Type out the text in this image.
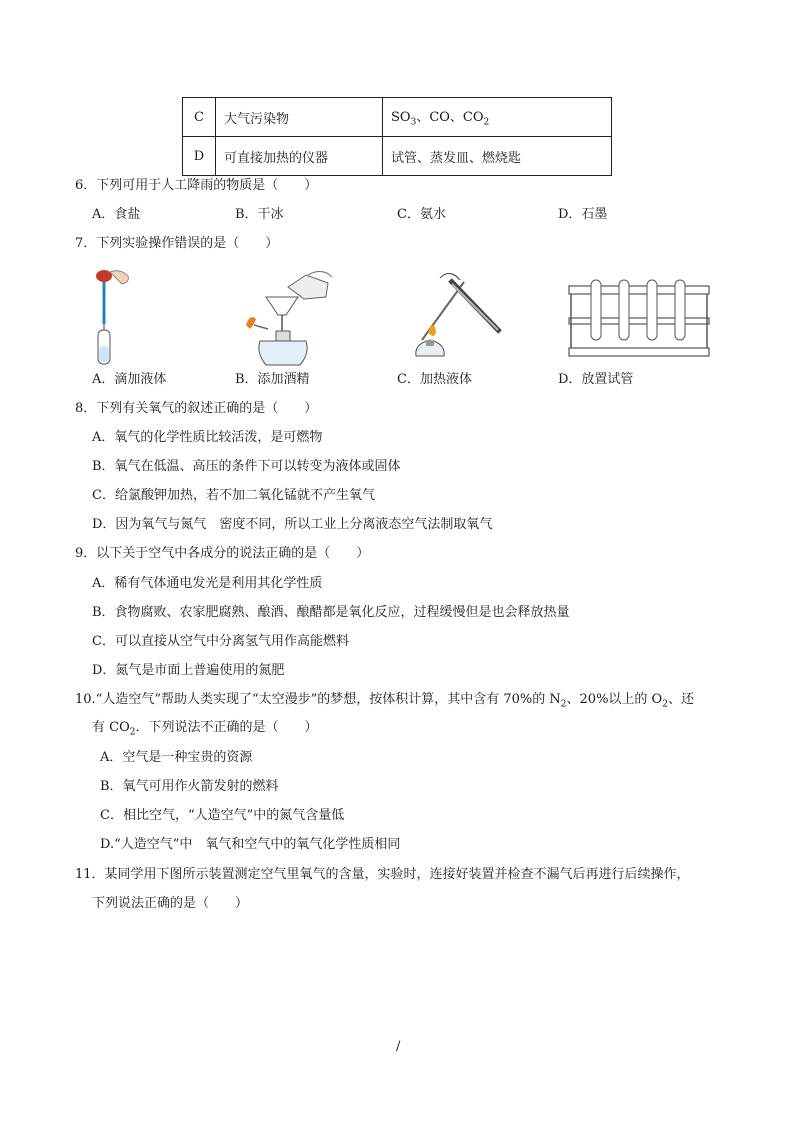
C	大气污染物	$SO_3$、CO、$CO_2$
D	可直接加热的仪器	试管、蒸发皿、燃烧匙
6．下列可用于人工降雨的物质是（　　）
A．食盐	B．干冰	C．氨水	D．石墨
7．下列实验操作错误的是（　　）
A．滴加液体	B．添加酒精	C．加热液体	D．放置试管
8．下列有关氧气的叙述正确的是（　　）
A．氧气的化学性质比较活泼，是可燃物
B．氧气在低温、高压的条件下可以转变为液体或固体
C．给氯酸钾加热，若不加二氧化锰就不产生氧气
D．因为氧气与氮气　密度不同，所以工业上分离液态空气法制取氧气
9．以下关于空气中各成分的说法正确的是（　　）
A．稀有气体通电发光是利用其化学性质
B．食物腐败、农家肥腐熟、酿酒、酿醋都是氧化反应，过程缓慢但是也会释放热量
C．可以直接从空气中分离氢气用作高能燃料
D．氮气是市面上普遍使用的氮肥
10.“人造空气”帮助人类实现了“太空漫步”的梦想，按体积计算，其中含有 70%的 $N_2$、20%以上的 $O_2$、还
有 $CO_2$．下列说法不正确的是（　　）
A．空气是一种宝贵的资源
B．氧气可用作火箭发射的燃料
C．相比空气，“人造空气”中的氮气含量低
D.“人造空气”中　氧气和空气中的氧气化学性质相同
11．某同学用下图所示装置测定空气里氧气的含量，实验时，连接好装置并检查不漏气后再进行后续操作，
下列说法正确的是（　　）
/
